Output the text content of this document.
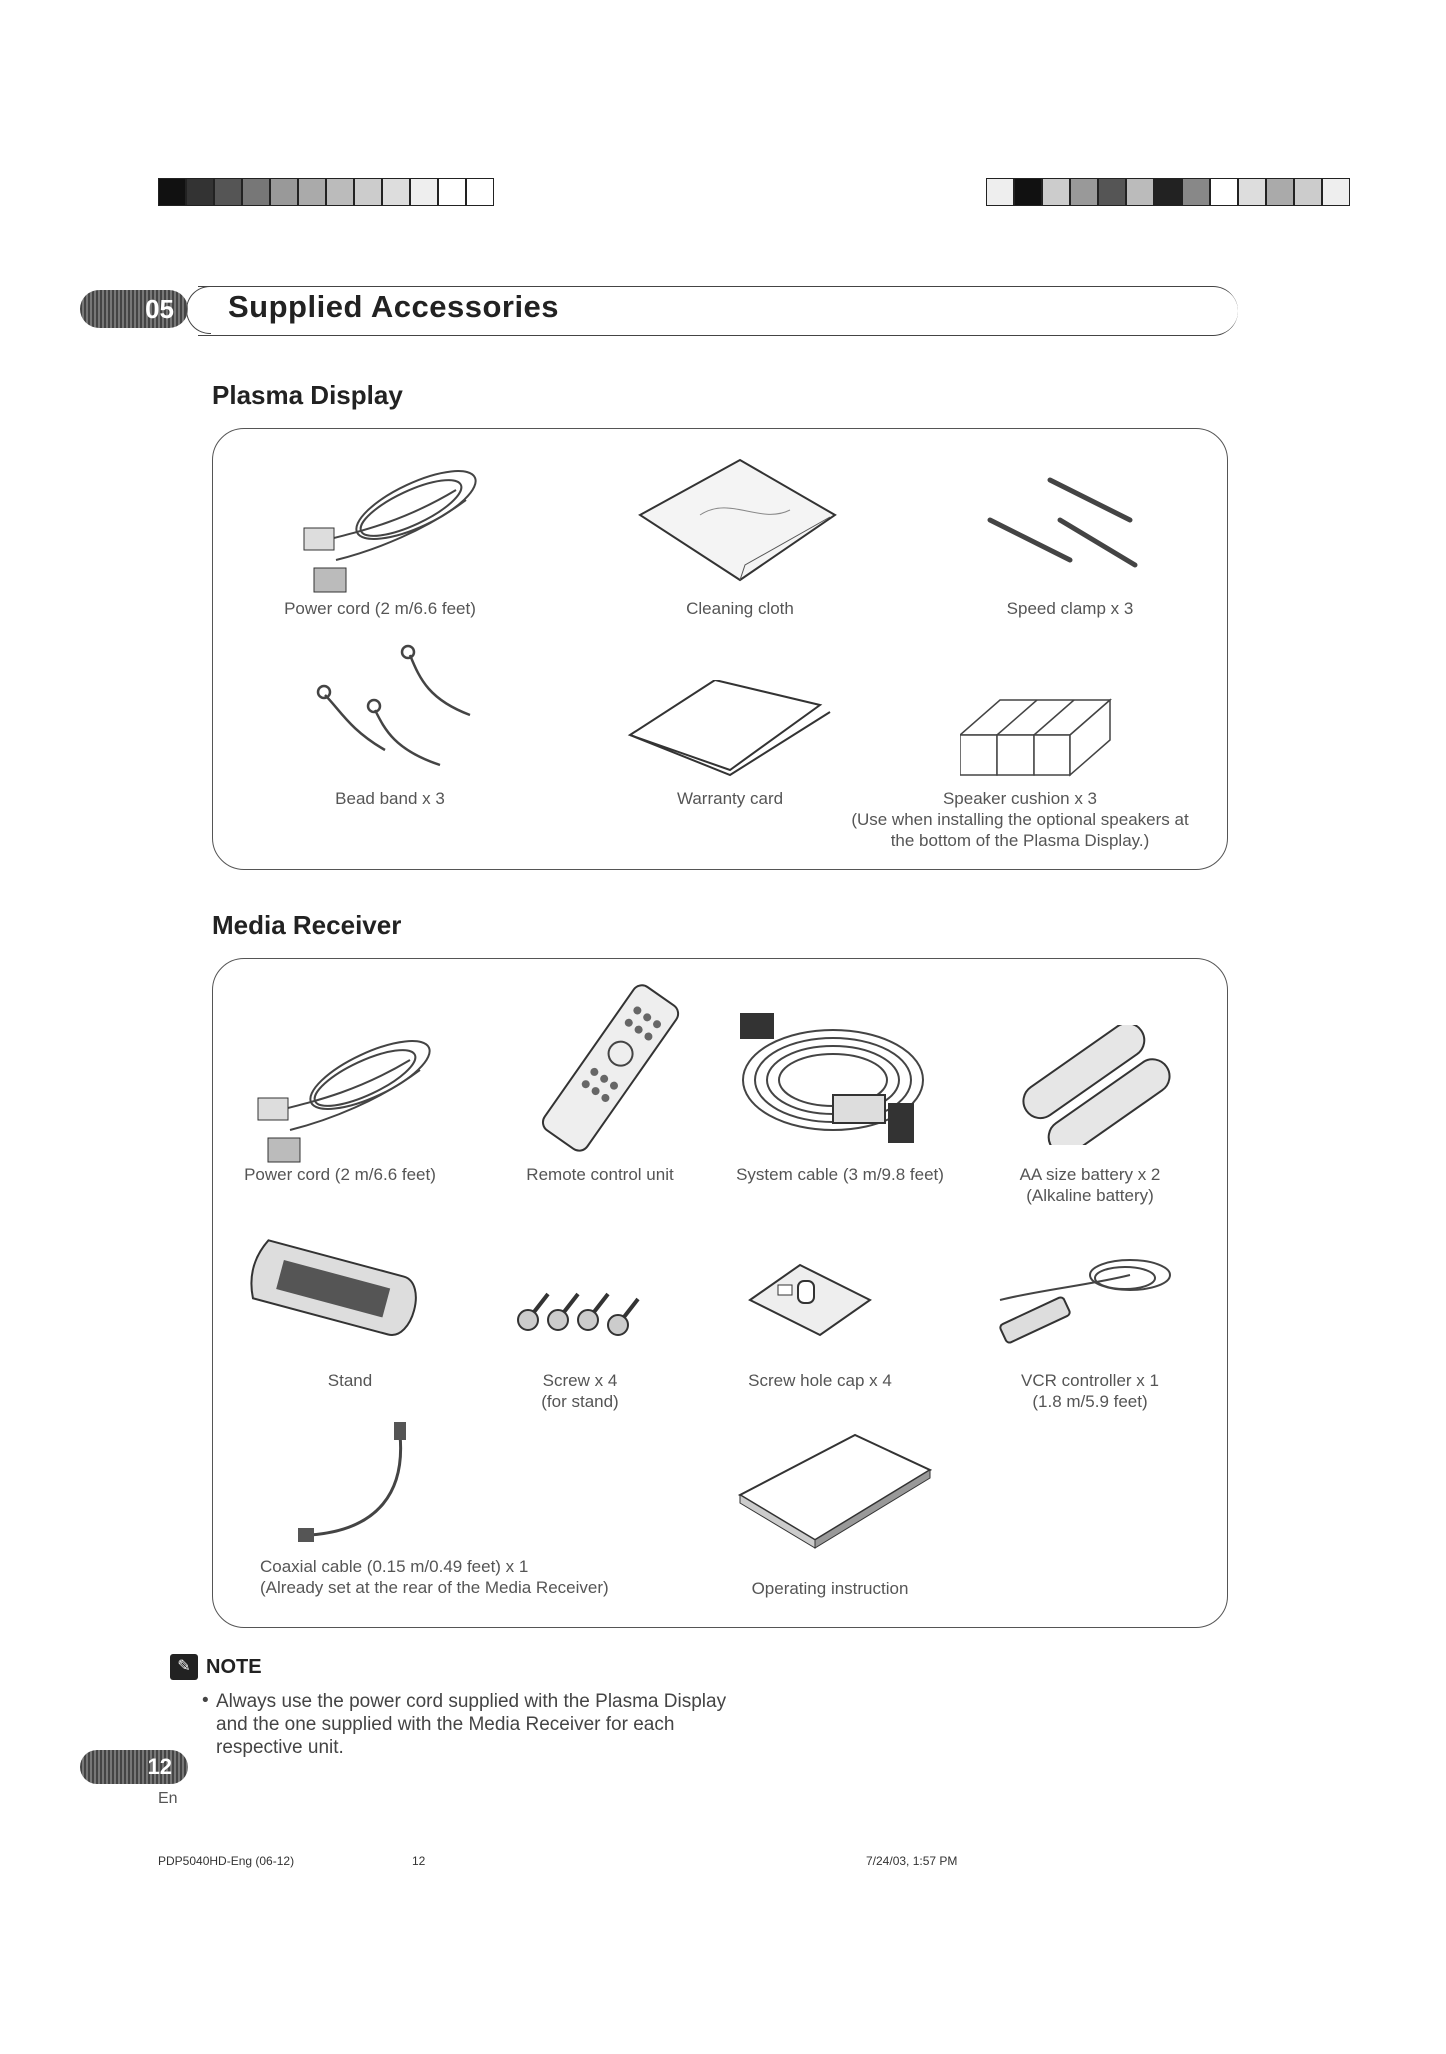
05	Supplied Accessories
Plasma Display
Power cord (2 m/6.6 feet)	Cleaning cloth	Speed clamp x 3
Bead band x 3	Warranty card	Speaker cushion x 3
(Use when installing the optional speakers at
the bottom of the Plasma Display.)
Media Receiver
Power cord (2 m/6.6 feet)	Remote control unit	System cable (3 m/9.8 feet)	AA size battery x 2
(Alkaline battery)
Stand	Screw x 4
(for stand)
Screw hole cap x 4	VCR controller x 1
(1.8 m/5.9 feet)
Coaxial cable (0.15 m/0.49 feet) x 1
(Already set at the rear of the Media Receiver)	Operating instruction
✎ NOTE
• Always use the power cord supplied with the Plasma Display and the one supplied with the Media Receiver for each respective unit.
12
En
PDP5040HD-Eng (06-12)	12	7/24/03, 1:57 PM
